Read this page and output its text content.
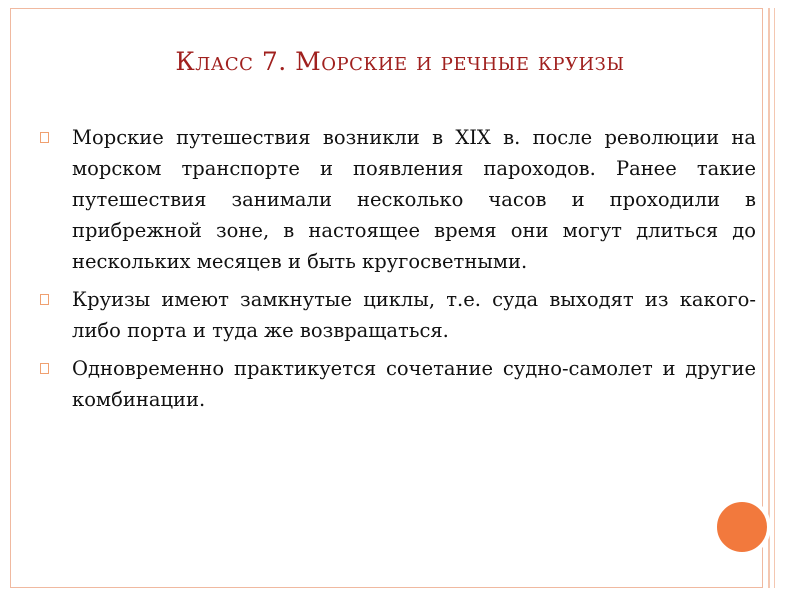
Класс 7. Морские и речные круизы
Морские путешествия возникли в XIX в. после революции на морском транспорте и появления пароходов. Ранее такие путешествия занимали несколько часов и проходили в прибрежной зоне, в настоящее время они могут длиться до нескольких месяцев и быть кругосветными.
Круизы имеют замкнутые циклы, т.е. суда выходят из какого-либо порта и туда же возвращаться.
Одновременно практикуется сочетание судно-самолет и другие комбинации.
